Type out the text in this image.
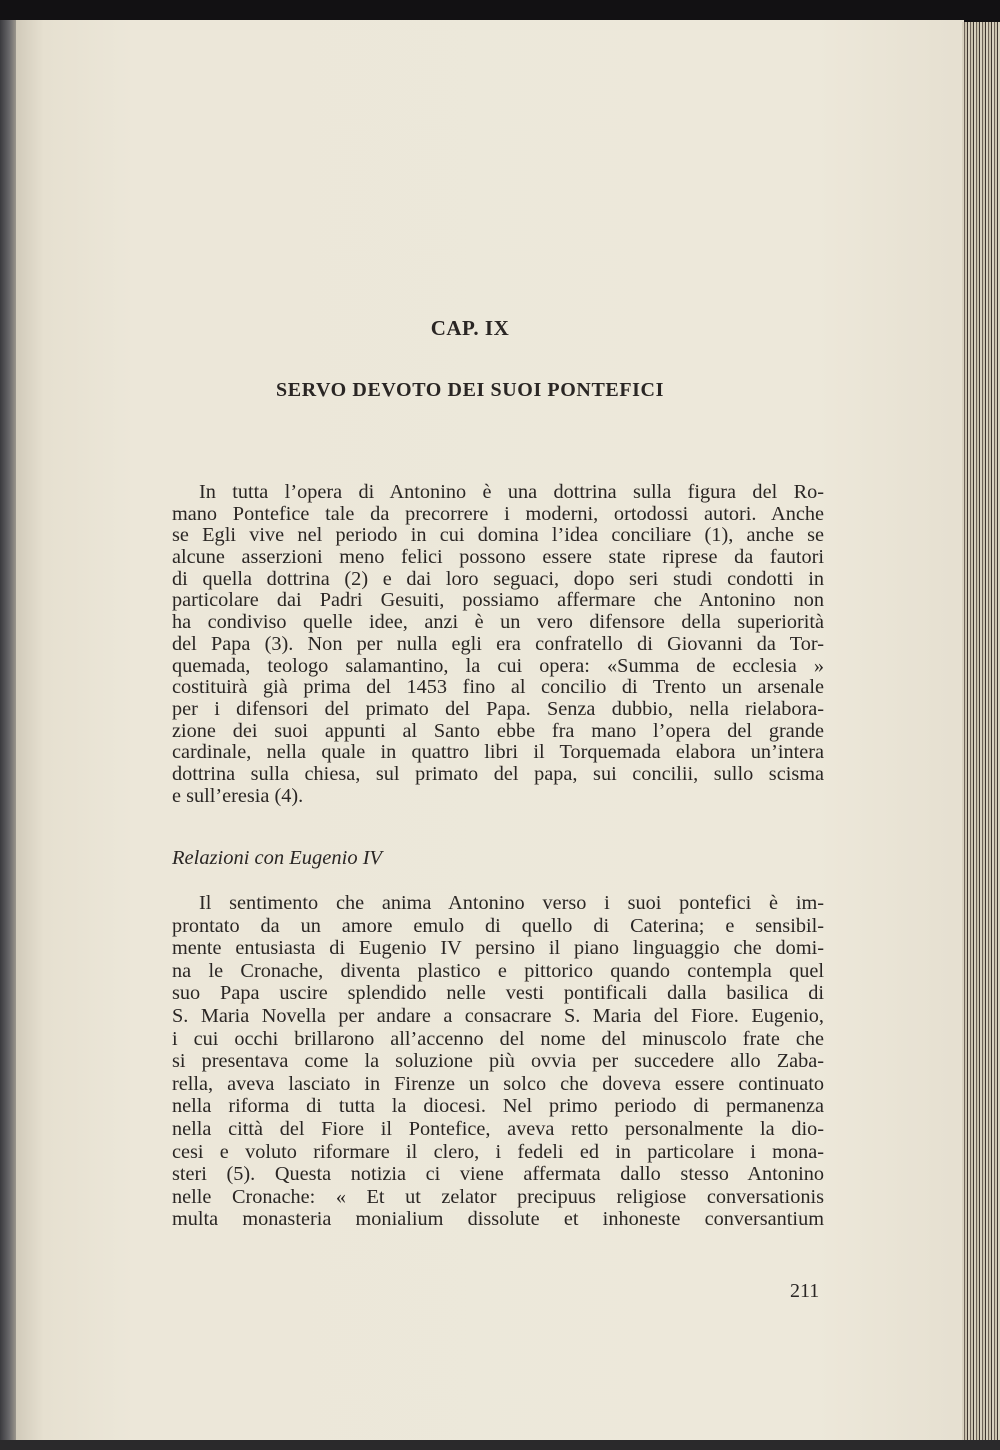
CAP. IX
SERVO DEVOTO DEI SUOI PONTEFICI
In tutta l’opera di Antonino è una dottrina sulla figura del Ro-
mano Pontefice tale da precorrere i moderni, ortodossi autori. Anche
se Egli vive nel periodo in cui domina l’idea conciliare (1), anche se
alcune asserzioni meno felici possono essere state riprese da fautori
di quella dottrina (2) e dai loro seguaci, dopo seri studi condotti in
particolare dai Padri Gesuiti, possiamo affermare che Antonino non
ha condiviso quelle idee, anzi è un vero difensore della superiorità
del Papa (3). Non per nulla egli era confratello di Giovanni da Tor-
quemada, teologo salamantino, la cui opera: «Summa de ecclesia »
costituirà già prima del 1453 fino al concilio di Trento un arsenale
per i difensori del primato del Papa. Senza dubbio, nella rielabora-
zione dei suoi appunti al Santo ebbe fra mano l’opera del grande
cardinale, nella quale in quattro libri il Torquemada elabora un’intera
dottrina sulla chiesa, sul primato del papa, sui concilii, sullo scisma
e sull’eresia (4).
Relazioni con Eugenio IV
Il sentimento che anima Antonino verso i suoi pontefici è im-
prontato da un amore emulo di quello di Caterina; e sensibil-
mente entusiasta di Eugenio IV persino il piano linguaggio che domi-
na le Cronache, diventa plastico e pittorico quando contempla quel
suo Papa uscire splendido nelle vesti pontificali dalla basilica di
S. Maria Novella per andare a consacrare S. Maria del Fiore. Eugenio,
i cui occhi brillarono all’accenno del nome del minuscolo frate che
si presentava come la soluzione più ovvia per succedere allo Zaba-
rella, aveva lasciato in Firenze un solco che doveva essere continuato
nella riforma di tutta la diocesi. Nel primo periodo di permanenza
nella città del Fiore il Pontefice, aveva retto personalmente la dio-
cesi e voluto riformare il clero, i fedeli ed in particolare i mona-
steri (5). Questa notizia ci viene affermata dallo stesso Antonino
nelle Cronache: « Et ut zelator precipuus religiose conversationis
multa monasteria monialium dissolute et inhoneste conversantium
211
